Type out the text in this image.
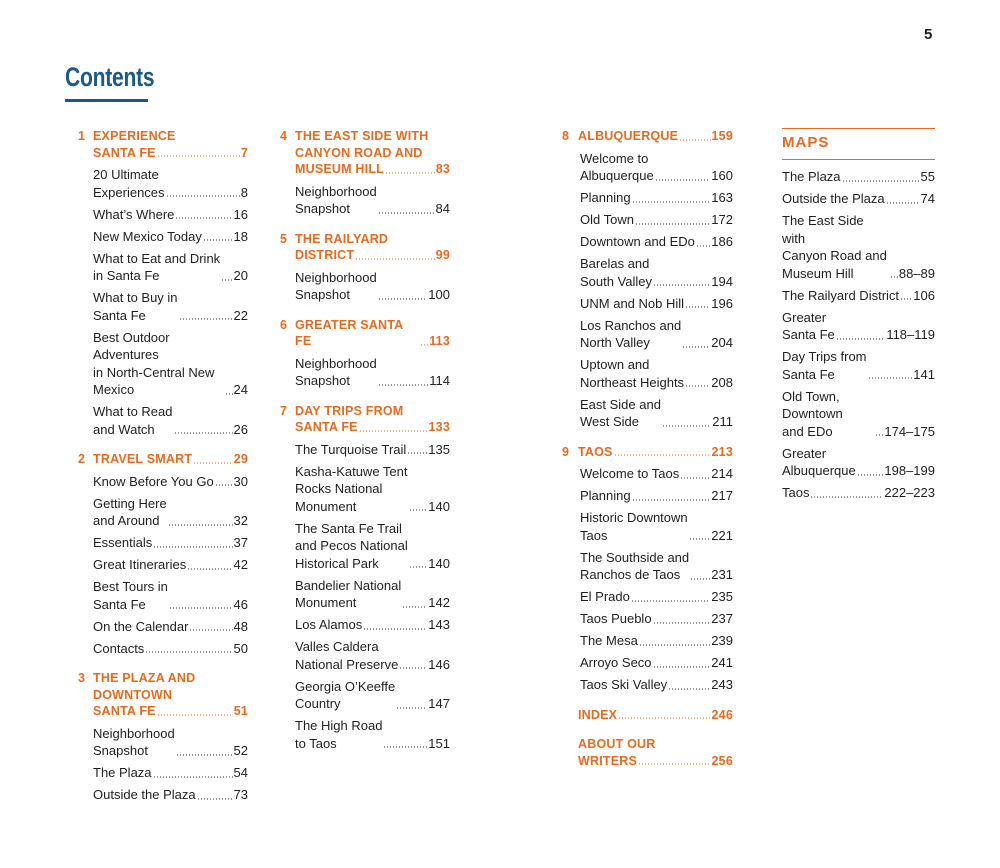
5
Contents
1 EXPERIENCE
SANTA FE	7
20 Ultimate
Experiences	8
What’s Where	16
New Mexico Today 18
What to Eat and Drink
in Santa Fe	20
What to Buy in
Santa Fe	22
Best Outdoor Adventures
in North-Central New
Mexico	24
What to Read
and Watch	26
2 TRAVEL SMART	29
Know Before You Go 30
Getting Here
and Around	32
Essentials	37
Great Itineraries	42
Best Tours in
Santa Fe	46
On the Calendar	48
Contacts	50
3 THE PLAZA AND
DOWNTOWN
SANTA FE	51
Neighborhood
Snapshot	52
The Plaza	54
Outside the Plaza	73
4 THE EAST SIDE WITH
CANYON ROAD AND
MUSEUM HILL	83
Neighborhood
Snapshot	84
5 THE RAILYARD
DISTRICT	99
Neighborhood
Snapshot	100
6 GREATER SANTA FE	113
Neighborhood
Snapshot	114
7 DAY TRIPS FROM
SANTA FE	133
The Turquoise Trail 135
Kasha-Katuwe Tent
Rocks National
Monument	140
The Santa Fe Trail
and Pecos National
Historical Park	140
Bandelier National
Monument	142
Los Alamos	143
Valles Caldera
National Preserve 146
Georgia O’Keeffe
Country	147
The High Road
to Taos	151
8 ALBUQUERQUE	159
Welcome to
Albuquerque	160
Planning	163
Old Town	172
Downtown and EDo 186
Barelas and
South Valley	194
UNM and Nob Hill 196
Los Ranchos and
North Valley	204
Uptown and
Northeast Heights 208
East Side and
West Side	211
9 TAOS	213
Welcome to Taos 214
Planning	217
Historic Downtown
Taos	221
The Southside and
Ranchos de Taos	231
El Prado	235
Taos Pueblo	237
The Mesa	239
Arroyo Seco	241
Taos Ski Valley	243
INDEX	246
ABOUT OUR
WRITERS	256
MAPS
The Plaza	55
Outside the Plaza	74
The East Side with
Canyon Road and
Museum Hill	88–89
The Railyard District 106
Greater
Santa Fe	118–119
Day Trips from
Santa Fe	141
Old Town, Downtown
and EDo	174–175
Greater
Albuquerque 198–199
Taos	222–223
